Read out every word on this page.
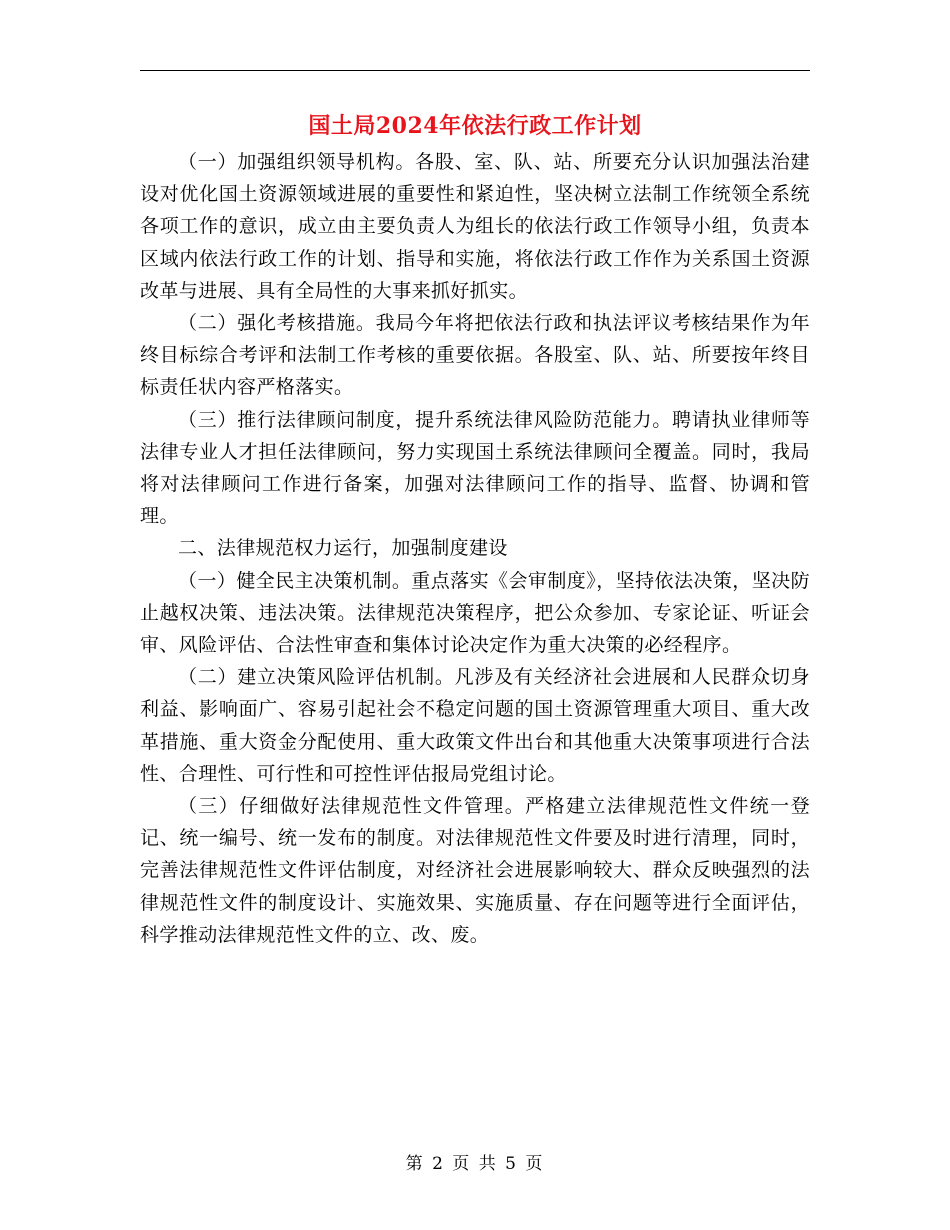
国土局2024年依法行政工作计划

（一）加强组织领导机构。各股、室、队、站、所要充分认识加强法治建设对优化国土资源领域进展的重要性和紧迫性，坚决树立法制工作统领全系统各项工作的意识，成立由主要负责人为组长的依法行政工作领导小组，负责本区域内依法行政工作的计划、指导和实施，将依法行政工作作为关系国土资源改革与进展、具有全局性的大事来抓好抓实。

（二）强化考核措施。我局今年将把依法行政和执法评议考核结果作为年终目标综合考评和法制工作考核的重要依据。各股室、队、站、所要按年终目标责任状内容严格落实。

（三）推行法律顾问制度，提升系统法律风险防范能力。聘请执业律师等法律专业人才担任法律顾问，努力实现国土系统法律顾问全覆盖。同时，我局将对法律顾问工作进行备案，加强对法律顾问工作的指导、监督、协调和管理。

二、法律规范权力运行，加强制度建设

（一）健全民主决策机制。重点落实《会审制度》，坚持依法决策，坚决防止越权决策、违法决策。法律规范决策程序，把公众参加、专家论证、听证会审、风险评估、合法性审查和集体讨论决定作为重大决策的必经程序。

（二）建立决策风险评估机制。凡涉及有关经济社会进展和人民群众切身利益、影响面广、容易引起社会不稳定问题的国土资源管理重大项目、重大改革措施、重大资金分配使用、重大政策文件出台和其他重大决策事项进行合法性、合理性、可行性和可控性评估报局党组讨论。

（三）仔细做好法律规范性文件管理。严格建立法律规范性文件统一登记、统一编号、统一发布的制度。对法律规范性文件要及时进行清理，同时，完善法律规范性文件评估制度，对经济社会进展影响较大、群众反映强烈的法律规范性文件的制度设计、实施效果、实施质量、存在问题等进行全面评估，科学推动法律规范性文件的立、改、废。

第 2 页 共 5 页
